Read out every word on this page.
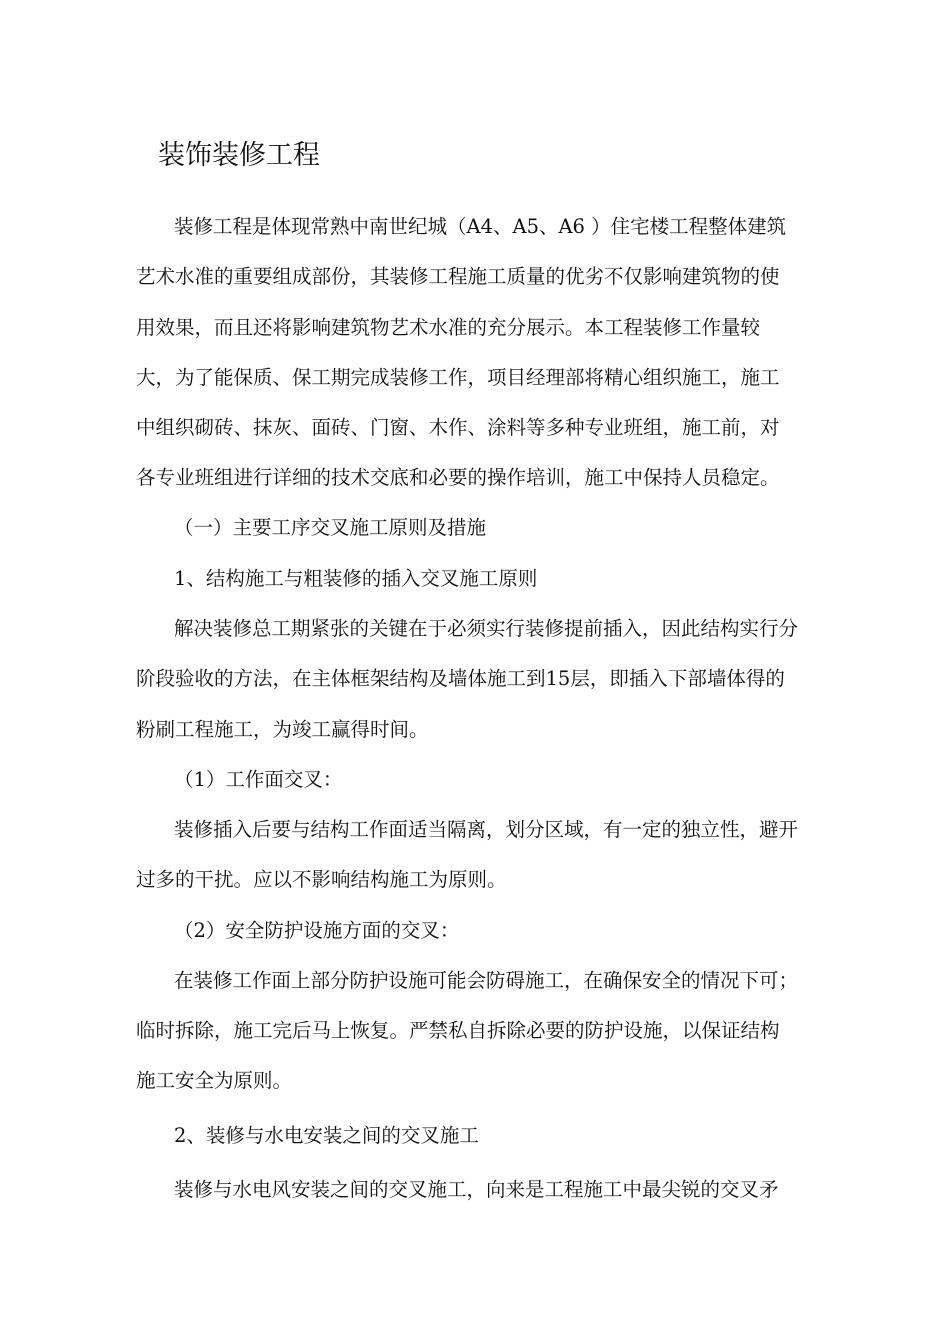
装饰装修工程

装修工程是体现常熟中南世纪城（A4、A5、A6 ）住宅楼工程整体建筑

艺术水准的重要组成部份，其装修工程施工质量的优劣不仅影响建筑物的使

用效果，而且还将影响建筑物艺术水准的充分展示。本工程装修工作量较

大，为了能保质、保工期完成装修工作，项目经理部将精心组织施工，施工

中组织砌砖、抹灰、面砖、门窗、木作、涂料等多种专业班组，施工前，对

各专业班组进行详细的技术交底和必要的操作培训，施工中保持人员稳定。

（一）主要工序交叉施工原则及措施

1、结构施工与粗装修的插入交叉施工原则

解决装修总工期紧张的关键在于必须实行装修提前插入，因此结构实行分

阶段验收的方法，在主体框架结构及墙体施工到15层，即插入下部墙体得的

粉刷工程施工，为竣工赢得时间。

（1）工作面交叉：

装修插入后要与结构工作面适当隔离，划分区域，有一定的独立性，避开

过多的干扰。应以不影响结构施工为原则。

（2）安全防护设施方面的交叉：

在装修工作面上部分防护设施可能会防碍施工，在确保安全的情况下可；

临时拆除，施工完后马上恢复。严禁私自拆除必要的防护设施，以保证结构

施工安全为原则。

2、装修与水电安装之间的交叉施工

装修与水电风安装之间的交叉施工，向来是工程施工中最尖锐的交叉矛
